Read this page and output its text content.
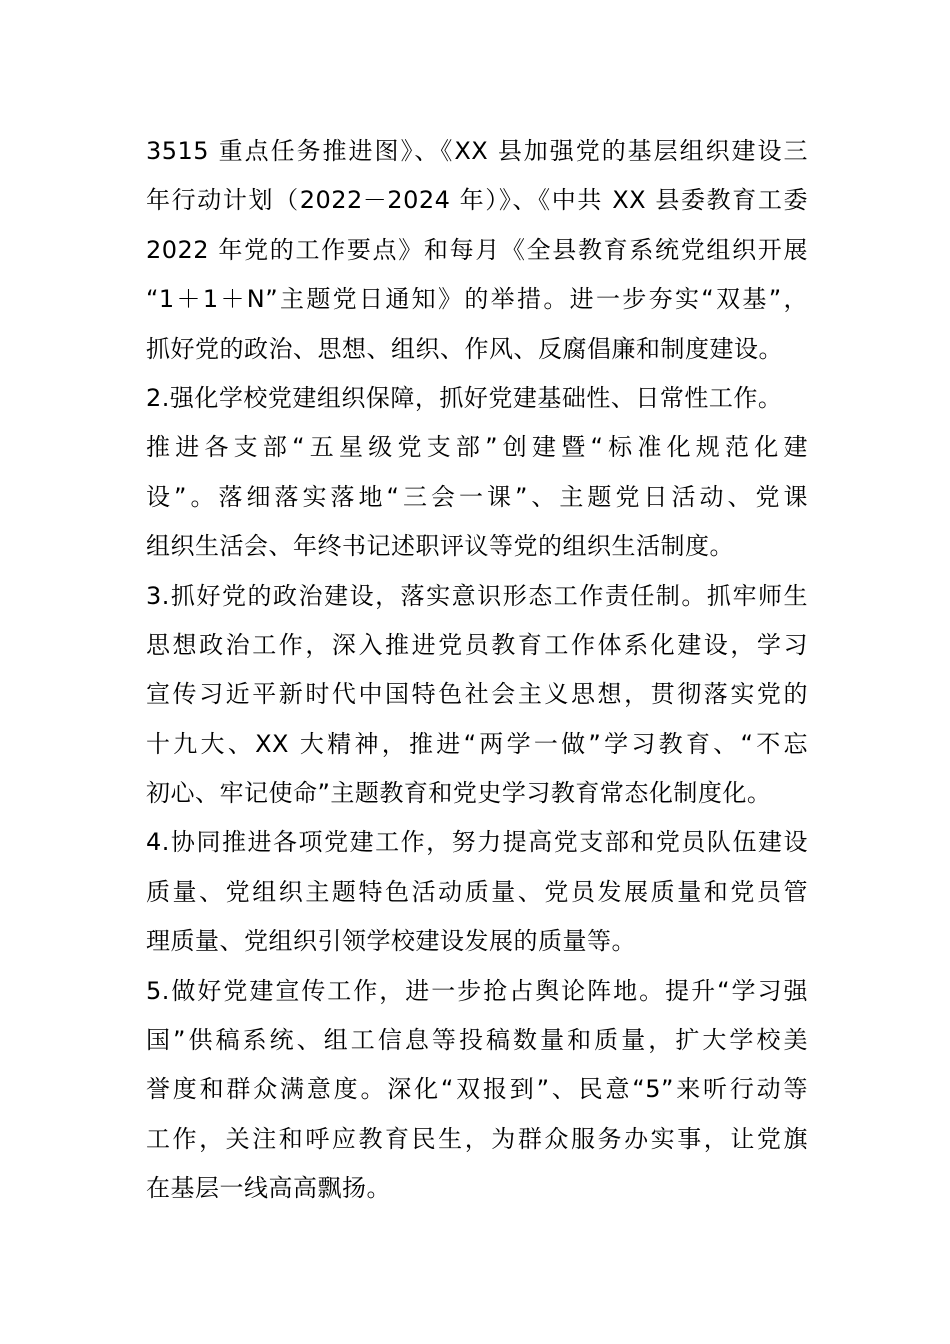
3515 重点任务推进图》、《XX 县加强党的基层组织建设三
年行动计划（2022－2024 年）》、《中共 XX 县委教育工委
2022 年党的工作要点》和每月《全县教育系统党组织开展
“1＋1＋N”主题党日通知》的举措。进一步夯实“双基”，
抓好党的政治、思想、组织、作风、反腐倡廉和制度建设。
2.强化学校党建组织保障，抓好党建基础性、日常性工作。
推进各支部“五星级党支部”创建暨“标准化规范化建
设”。落细落实落地“三会一课”、主题党日活动、党课
组织生活会、年终书记述职评议等党的组织生活制度。
3.抓好党的政治建设，落实意识形态工作责任制。抓牢师生
思想政治工作，深入推进党员教育工作体系化建设，学习
宣传习近平新时代中国特色社会主义思想，贯彻落实党的
十九大、XX 大精神，推进“两学一做”学习教育、“不忘
初心、牢记使命”主题教育和党史学习教育常态化制度化。
4.协同推进各项党建工作，努力提高党支部和党员队伍建设
质量、党组织主题特色活动质量、党员发展质量和党员管
理质量、党组织引领学校建设发展的质量等。
5.做好党建宣传工作，进一步抢占舆论阵地。提升“学习强
国”供稿系统、组工信息等投稿数量和质量，扩大学校美
誉度和群众满意度。深化“双报到”、民意“5”来听行动等
工作，关注和呼应教育民生，为群众服务办实事，让党旗
在基层一线高高飘扬。
